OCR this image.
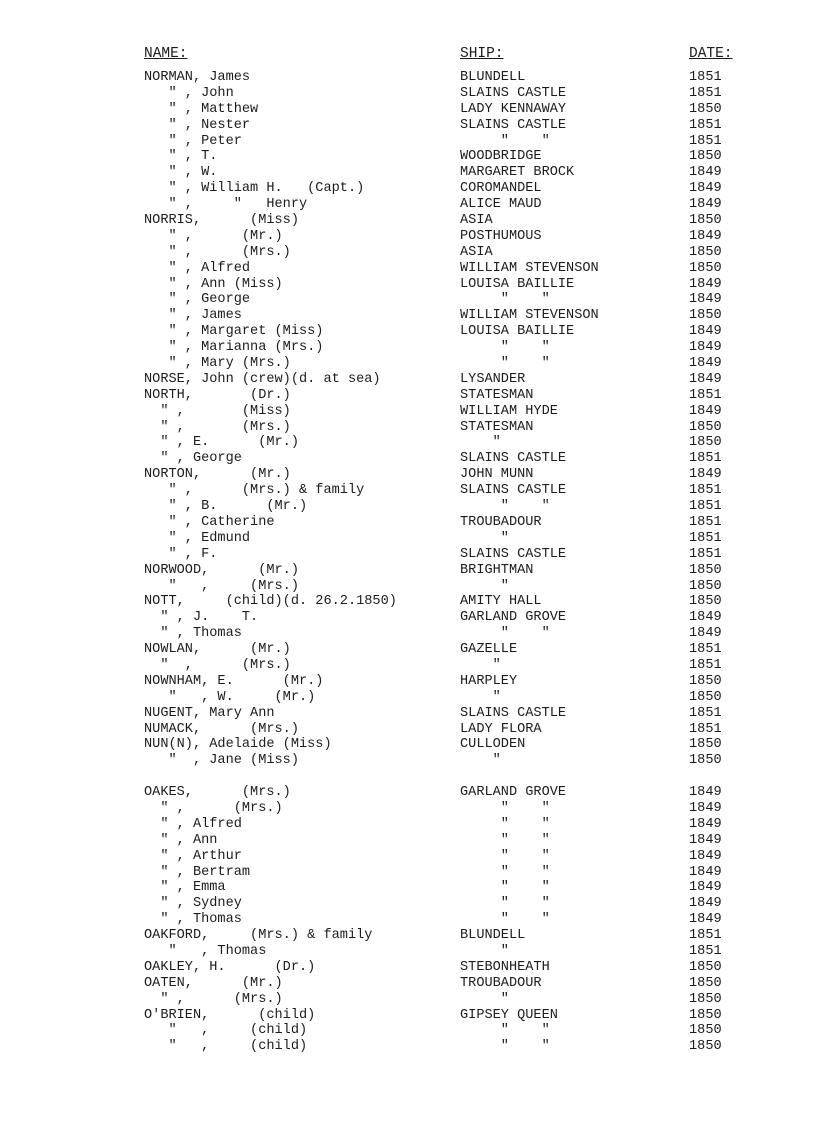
NAME:	SHIP:	DATE:
NORMAN, James	BLUNDELL	1851
" , John	SLAINS CASTLE	1851
" , Matthew	LADY KENNAWAY	1850
" , Nester	SLAINS CASTLE	1851
" , Peter	"    "	1851
" , T.	WOODBRIDGE	1850
" , W.	MARGARET BROCK	1849
" , William H.   (Capt.)	COROMANDEL	1849
" ,     "   Henry	ALICE MAUD	1849
NORRIS,      (Miss)	ASIA	1850
" ,      (Mr.)	POSTHUMOUS	1849
" ,      (Mrs.)	ASIA	1850
" , Alfred	WILLIAM STEVENSON	1850
" , Ann (Miss)	LOUISA BAILLIE	1849
" , George	"    "	1849
" , James	WILLIAM STEVENSON	1850
" , Margaret (Miss)	LOUISA BAILLIE	1849
" , Marianna (Mrs.)	"    "	1849
" , Mary (Mrs.)	"    "	1849
NORSE, John (crew)(d. at sea)	LYSANDER	1849
NORTH,       (Dr.)	STATESMAN	1851
" ,       (Miss)	WILLIAM HYDE	1849
" ,       (Mrs.)	STATESMAN	1850
" , E.      (Mr.)	"	1850
" , George	SLAINS CASTLE	1851
NORTON,      (Mr.)	JOHN MUNN	1849
" ,      (Mrs.) & family	SLAINS CASTLE	1851
" , B.      (Mr.)	"    "	1851
" , Catherine	TROUBADOUR	1851
" , Edmund	"	1851
" , F.	SLAINS CASTLE	1851
NORWOOD,      (Mr.)	BRIGHTMAN	1850
"   ,     (Mrs.)	"	1850
NOTT,     (child)(d. 26.2.1850)	AMITY HALL	1850
" , J.    T.	GARLAND GROVE	1849
" , Thomas	"    "	1849
NOWLAN,      (Mr.)	GAZELLE	1851
"  ,      (Mrs.)	"	1851
NOWNHAM, E.      (Mr.)	HARPLEY	1850
"   , W.     (Mr.)	"	1850
NUGENT, Mary Ann	SLAINS CASTLE	1851
NUMACK,      (Mrs.)	LADY FLORA	1851
NUN(N), Adelaide (Miss)	CULLODEN	1850
"  , Jane (Miss)	"	1850
OAKES,      (Mrs.)	GARLAND GROVE	1849
" ,      (Mrs.)	"    "	1849
" , Alfred	"    "	1849
" , Ann	"    "	1849
" , Arthur	"    "	1849
" , Bertram	"    "	1849
" , Emma	"    "	1849
" , Sydney	"    "	1849
" , Thomas	"    "	1849
OAKFORD,     (Mrs.) & family	BLUNDELL	1851
"   , Thomas	"	1851
OAKLEY, H.      (Dr.)	STEBONHEATH	1850
OATEN,      (Mr.)	TROUBADOUR	1850
" ,      (Mrs.)	"	1850
O'BRIEN,      (child)	GIPSEY QUEEN	1850
"   ,     (child)	"    "	1850
"   ,     (child)	"    "	1850
